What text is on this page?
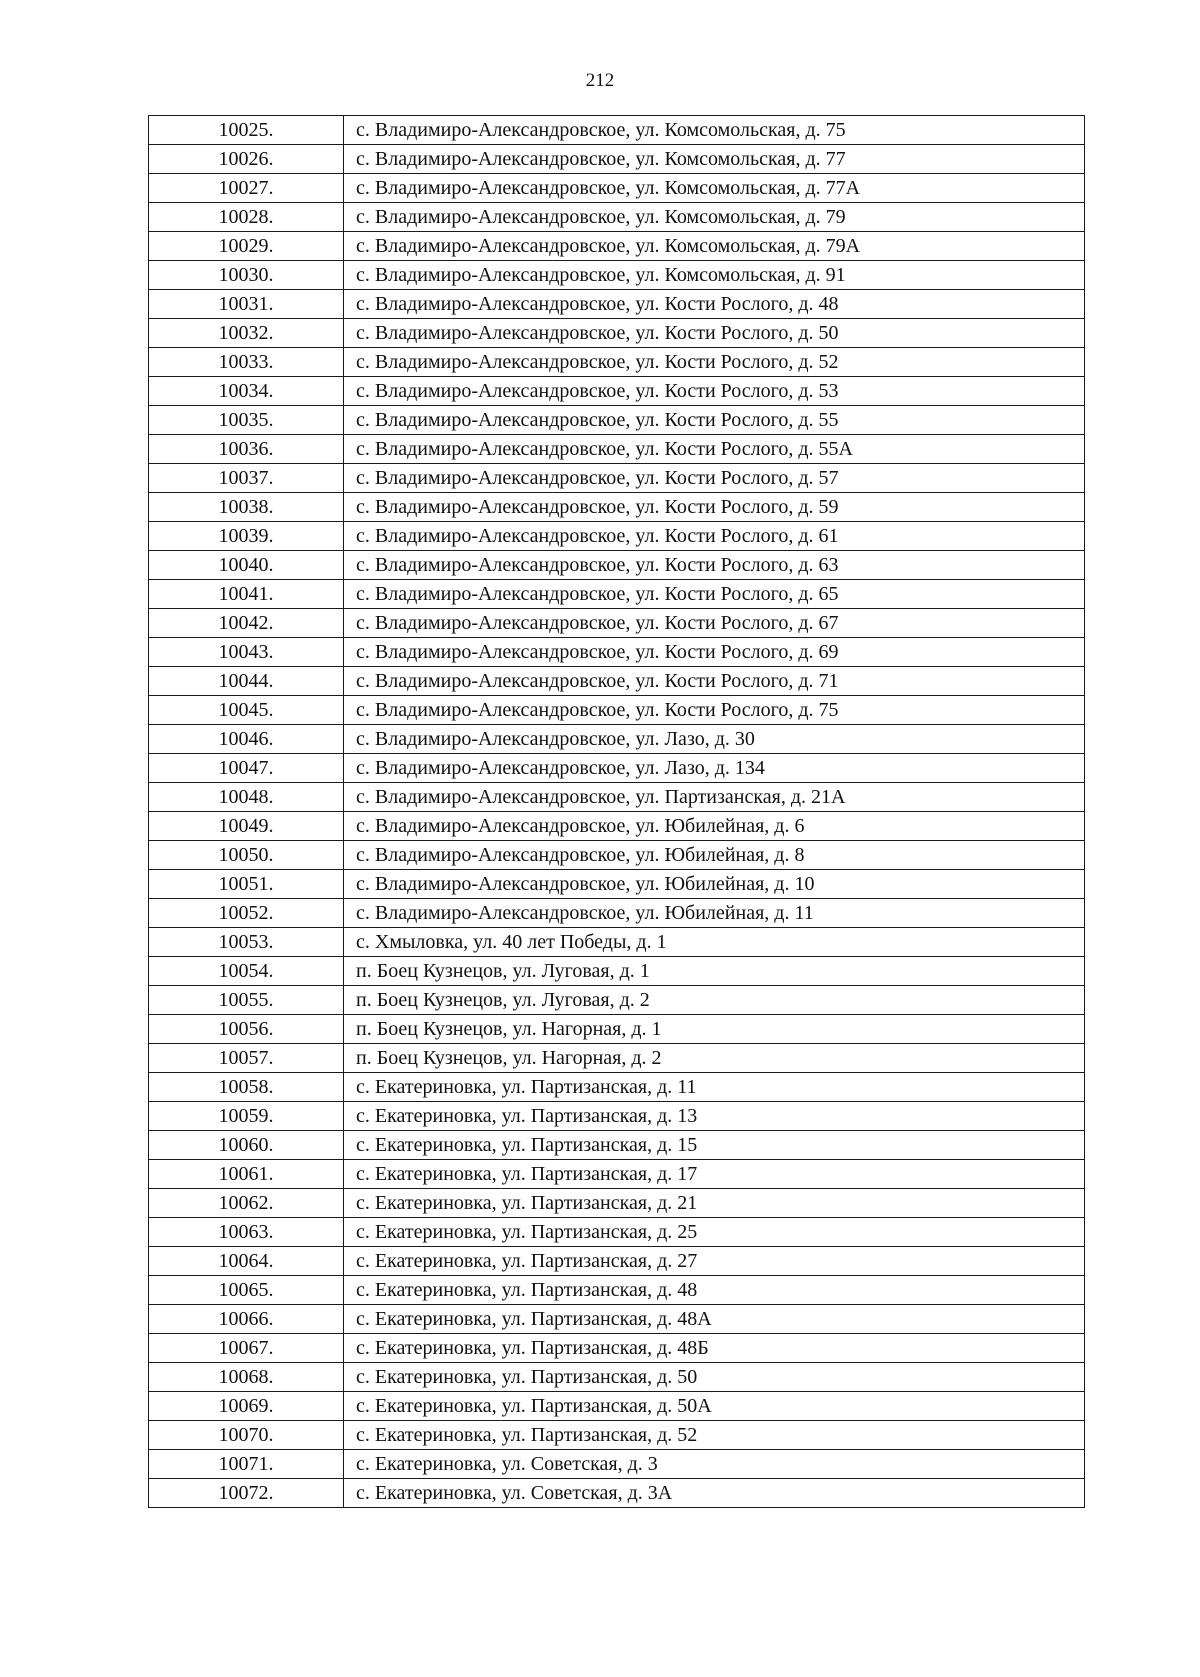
212
10025.	с. Владимиро-Александровское, ул. Комсомольская, д. 75
10026.	с. Владимиро-Александровское, ул. Комсомольская, д. 77
10027.	с. Владимиро-Александровское, ул. Комсомольская, д. 77А
10028.	с. Владимиро-Александровское, ул. Комсомольская, д. 79
10029.	с. Владимиро-Александровское, ул. Комсомольская, д. 79А
10030.	с. Владимиро-Александровское, ул. Комсомольская, д. 91
10031.	с. Владимиро-Александровское, ул. Кости Рослого, д. 48
10032.	с. Владимиро-Александровское, ул. Кости Рослого, д. 50
10033.	с. Владимиро-Александровское, ул. Кости Рослого, д. 52
10034.	с. Владимиро-Александровское, ул. Кости Рослого, д. 53
10035.	с. Владимиро-Александровское, ул. Кости Рослого, д. 55
10036.	с. Владимиро-Александровское, ул. Кости Рослого, д. 55А
10037.	с. Владимиро-Александровское, ул. Кости Рослого, д. 57
10038.	с. Владимиро-Александровское, ул. Кости Рослого, д. 59
10039.	с. Владимиро-Александровское, ул. Кости Рослого, д. 61
10040.	с. Владимиро-Александровское, ул. Кости Рослого, д. 63
10041.	с. Владимиро-Александровское, ул. Кости Рослого, д. 65
10042.	с. Владимиро-Александровское, ул. Кости Рослого, д. 67
10043.	с. Владимиро-Александровское, ул. Кости Рослого, д. 69
10044.	с. Владимиро-Александровское, ул. Кости Рослого, д. 71
10045.	с. Владимиро-Александровское, ул. Кости Рослого, д. 75
10046.	с. Владимиро-Александровское, ул. Лазо, д. 30
10047.	с. Владимиро-Александровское, ул. Лазо, д. 134
10048.	с. Владимиро-Александровское, ул. Партизанская, д. 21А
10049.	с. Владимиро-Александровское, ул. Юбилейная, д. 6
10050.	с. Владимиро-Александровское, ул. Юбилейная, д. 8
10051.	с. Владимиро-Александровское, ул. Юбилейная, д. 10
10052.	с. Владимиро-Александровское, ул. Юбилейная, д. 11
10053.	с. Хмыловка, ул. 40 лет Победы, д. 1
10054.	п. Боец Кузнецов, ул. Луговая, д. 1
10055.	п. Боец Кузнецов, ул. Луговая, д. 2
10056.	п. Боец Кузнецов, ул. Нагорная, д. 1
10057.	п. Боец Кузнецов, ул. Нагорная, д. 2
10058.	с. Екатериновка, ул. Партизанская, д. 11
10059.	с. Екатериновка, ул. Партизанская, д. 13
10060.	с. Екатериновка, ул. Партизанская, д. 15
10061.	с. Екатериновка, ул. Партизанская, д. 17
10062.	с. Екатериновка, ул. Партизанская, д. 21
10063.	с. Екатериновка, ул. Партизанская, д. 25
10064.	с. Екатериновка, ул. Партизанская, д. 27
10065.	с. Екатериновка, ул. Партизанская, д. 48
10066.	с. Екатериновка, ул. Партизанская, д. 48А
10067.	с. Екатериновка, ул. Партизанская, д. 48Б
10068.	с. Екатериновка, ул. Партизанская, д. 50
10069.	с. Екатериновка, ул. Партизанская, д. 50А
10070.	с. Екатериновка, ул. Партизанская, д. 52
10071.	с. Екатериновка, ул. Советская, д. 3
10072.	с. Екатериновка, ул. Советская, д. 3А
